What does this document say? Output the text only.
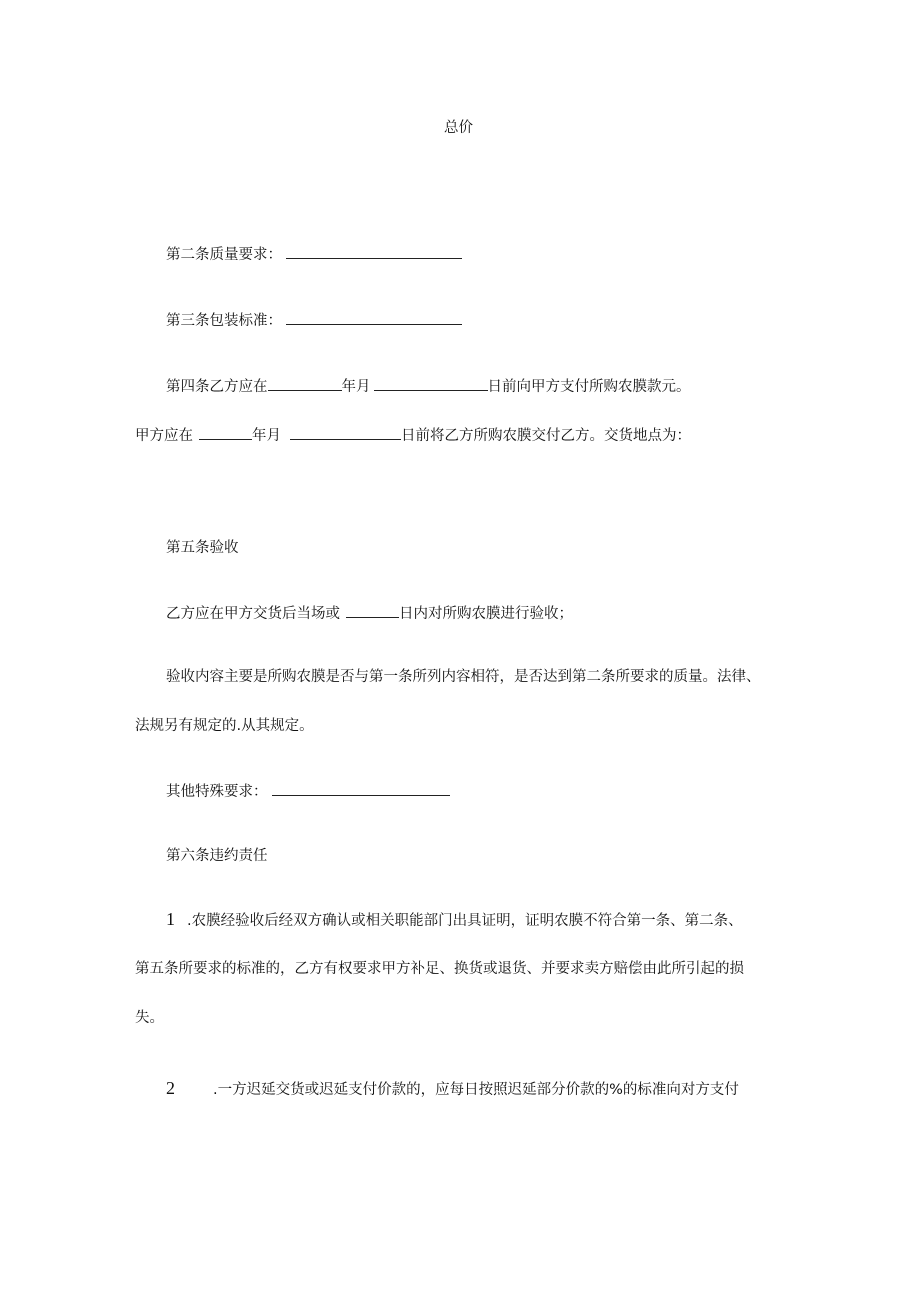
总价
第二条质量要求：
第三条包装标准：
第四条乙方应在	年月	日前向甲方支付所购农膜款元。
甲方应在	年月	日前将乙方所购农膜交付乙方。交货地点为：
第五条验收
乙方应在甲方交货后当场或	日内对所购农膜进行验收；
验收内容主要是所购农膜是否与第一条所列内容相符，是否达到第二条所要求的质量。法律、
法规另有规定的.从其规定。
其他特殊要求：
第六条违约责任
1 .农膜经验收后经双方确认或相关职能部门出具证明，证明农膜不符合第一条、第二条、
第五条所要求的标准的，乙方有权要求甲方补足、换货或退货、并要求卖方赔偿由此所引起的损
失。
2	.一方迟延交货或迟延支付价款的，应每日按照迟延部分价款的%的标准向对方支付
